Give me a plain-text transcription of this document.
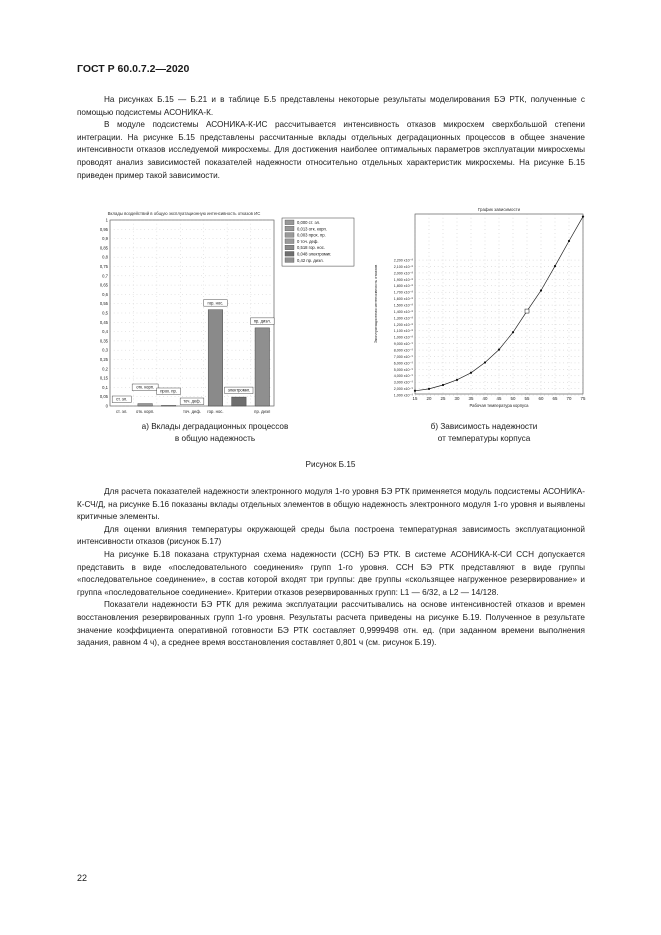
ГОСТ Р 60.0.7.2—2020

На рисунках Б.15 — Б.21 и в таблице Б.5 представлены некоторые результаты моделирования БЭ РТК, полученные с помощью подсистемы АСОНИКА-К.

В модуле подсистемы АСОНИКА-К-ИС рассчитывается интенсивность отказов микросхем сверхбольшой степени интеграции. На рисунке Б.15 представлены рассчитанные вклады отдельных деградационных процессов в общее значение интенсивности отказов исследуемой микросхемы. Для достижения наиболее оптимальных параметров эксплуатации микросхемы проводят анализ зависимостей показателей надежности относительно отдельных характеристик микросхемы. На рисунке Б.15 приведен пример такой зависимости.

Вклады воздействий в общую эксплуатационную интенсивность отказов ИС
0
0,05
0,1
0,15
0,2
0,25
0,3
0,35
0,4
0,45
0,5
0,55
0,6
0,65
0,7
0,75
0,8
0,85
0,9
0,95
1
ст. эл.
отк. корп.
прох. пр.
точ. деф.
гор. нос.
электромиг.
пр. диэл.
ст. эл. отк. корп.	точ. деф. гор. нос.	пр. диэл
0,000 ст. эл.
0,013 отк. корп.
0,003 прох. пр.
0 точ. деф.
0,518 гор. нос.
0,048 электромиг.
0,42 пр. диэл.
График зависимости
15 20 25 30 35 40 45 50 55 60 65 70 75
1,000 x10⁻⁹
2,000 x10⁻⁹
3,000 x10⁻⁹
4,000 x10⁻⁹
5,000 x10⁻⁹
6,000 x10⁻⁹
7,000 x10⁻⁹
8,000 x10⁻⁹
9,000 x10⁻⁹
1,000 x10⁻⁸
1,100 x10⁻⁸
1,200 x10⁻⁸
1,300 x10⁻⁸
1,400 x10⁻⁸
1,500 x10⁻⁸
1,600 x10⁻⁸
1,700 x10⁻⁸
1,800 x10⁻⁸
1,900 x10⁻⁸
2,000 x10⁻⁸
2,100 x10⁻⁸
2,200 x10⁻⁸
Рабочая температура корпуса
Эксплуатационная интенсивность отказов
а) Вклады деградационных процессов
в общую надежность
б) Зависимость надежности
от температуры корпуса
Рисунок Б.15

Для расчета показателей надежности электронного модуля 1-го уровня БЭ РТК применяется модуль подсистемы АСОНИКА-К-СЧ/Д, на рисунке Б.16 показаны вклады отдельных элементов в общую надежность электронного модуля 1-го уровня и выявлены критичные элементы.

Для оценки влияния температуры окружающей среды была построена температурная зависимость эксплуатационной интенсивности отказов (рисунок Б.17)

На рисунке Б.18 показана структурная схема надежности (ССН) БЭ РТК. В системе АСОНИКА-К-СИ ССН допускается представить в виде «последовательного соединения» групп 1-го уровня. ССН БЭ РТК представляют в виде группы «последовательное соединение», в состав которой входят три группы: две группы «скользящее нагруженное резервирование» и группа «последовательное соединение». Критерии отказов резервированных групп: L1 — 6/32, а L2 — 14/128.

Показатели надежности БЭ РТК для режима эксплуатации рассчитывались на основе интенсивностей отказов и времен восстановления резервированных групп 1-го уровня. Результаты расчета приведены на рисунке Б.19. Полученное в результате значение коэффициента оперативной готовности БЭ РТК составляет 0,9999498 отн. ед. (при заданном времени выполнения задания, равном 4 ч), а среднее время восстановления составляет 0,801 ч (см. рисунок Б.19).

22
